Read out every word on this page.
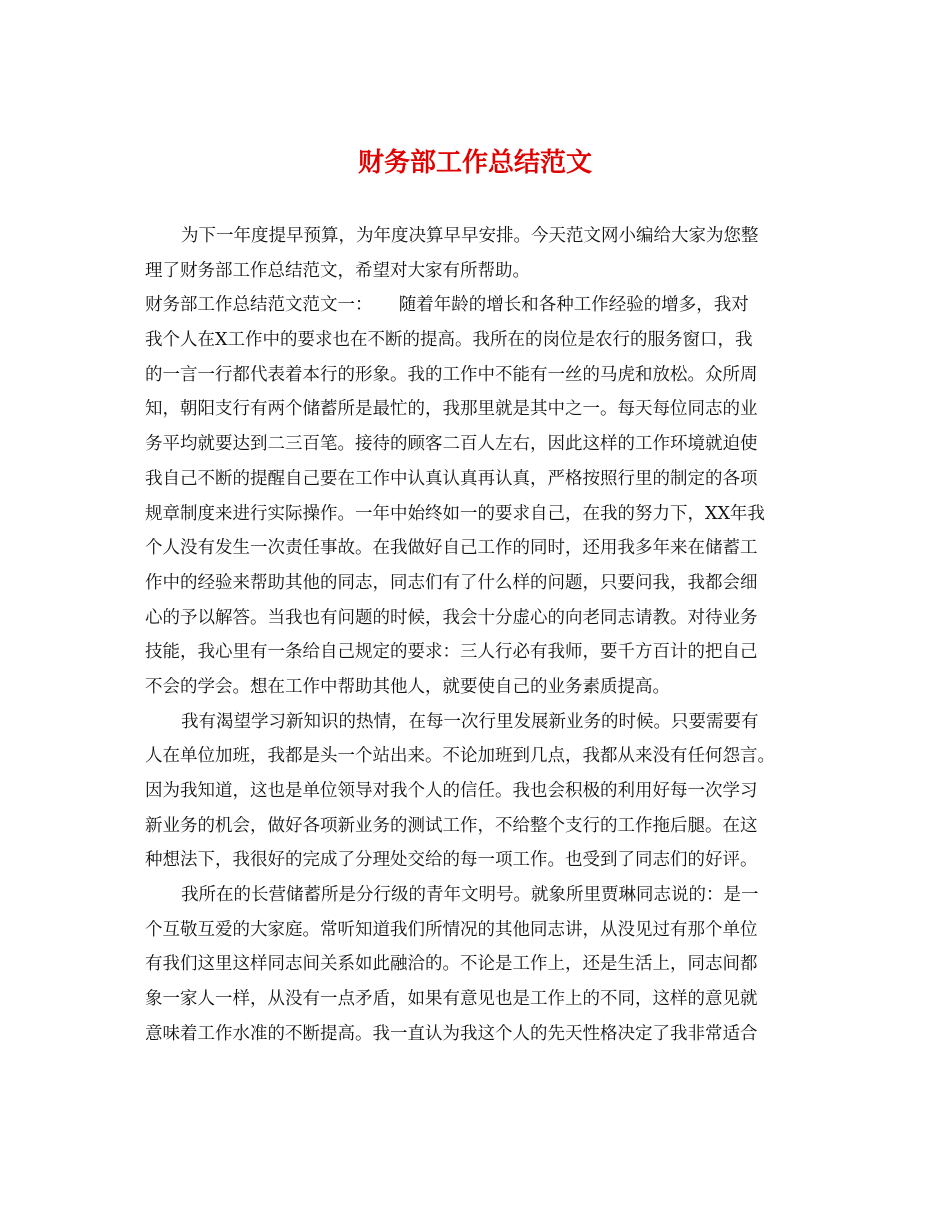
财务部工作总结范文
为下一年度提早预算，为年度决算早早安排。今天范文网小编给大家为您整
理了财务部工作总结范文，希望对大家有所帮助。
财务部工作总结范文范文一：　　随着年龄的增长和各种工作经验的增多，我对
我个人在X工作中的要求也在不断的提高。我所在的岗位是农行的服务窗口，我
的一言一行都代表着本行的形象。我的工作中不能有一丝的马虎和放松。众所周
知，朝阳支行有两个储蓄所是最忙的，我那里就是其中之一。每天每位同志的业
务平均就要达到二三百笔。接待的顾客二百人左右，因此这样的工作环境就迫使
我自己不断的提醒自己要在工作中认真认真再认真，严格按照行里的制定的各项
规章制度来进行实际操作。一年中始终如一的要求自己，在我的努力下，XX年我
个人没有发生一次责任事故。在我做好自己工作的同时，还用我多年来在储蓄工
作中的经验来帮助其他的同志，同志们有了什么样的问题，只要问我，我都会细
心的予以解答。当我也有问题的时候，我会十分虚心的向老同志请教。对待业务
技能，我心里有一条给自己规定的要求：三人行必有我师，要千方百计的把自己
不会的学会。想在工作中帮助其他人，就要使自己的业务素质提高。
我有渴望学习新知识的热情，在每一次行里发展新业务的时候。只要需要有
人在单位加班，我都是头一个站出来。不论加班到几点，我都从来没有任何怨言。
因为我知道，这也是单位领导对我个人的信任。我也会积极的利用好每一次学习
新业务的机会，做好各项新业务的测试工作，不给整个支行的工作拖后腿。在这
种想法下，我很好的完成了分理处交给的每一项工作。也受到了同志们的好评。
我所在的长营储蓄所是分行级的青年文明号。就象所里贾琳同志说的：是一
个互敬互爱的大家庭。常听知道我们所情况的其他同志讲，从没见过有那个单位
有我们这里这样同志间关系如此融洽的。不论是工作上，还是生活上，同志间都
象一家人一样，从没有一点矛盾，如果有意见也是工作上的不同，这样的意见就
意味着工作水准的不断提高。我一直认为我这个人的先天性格决定了我非常适合
